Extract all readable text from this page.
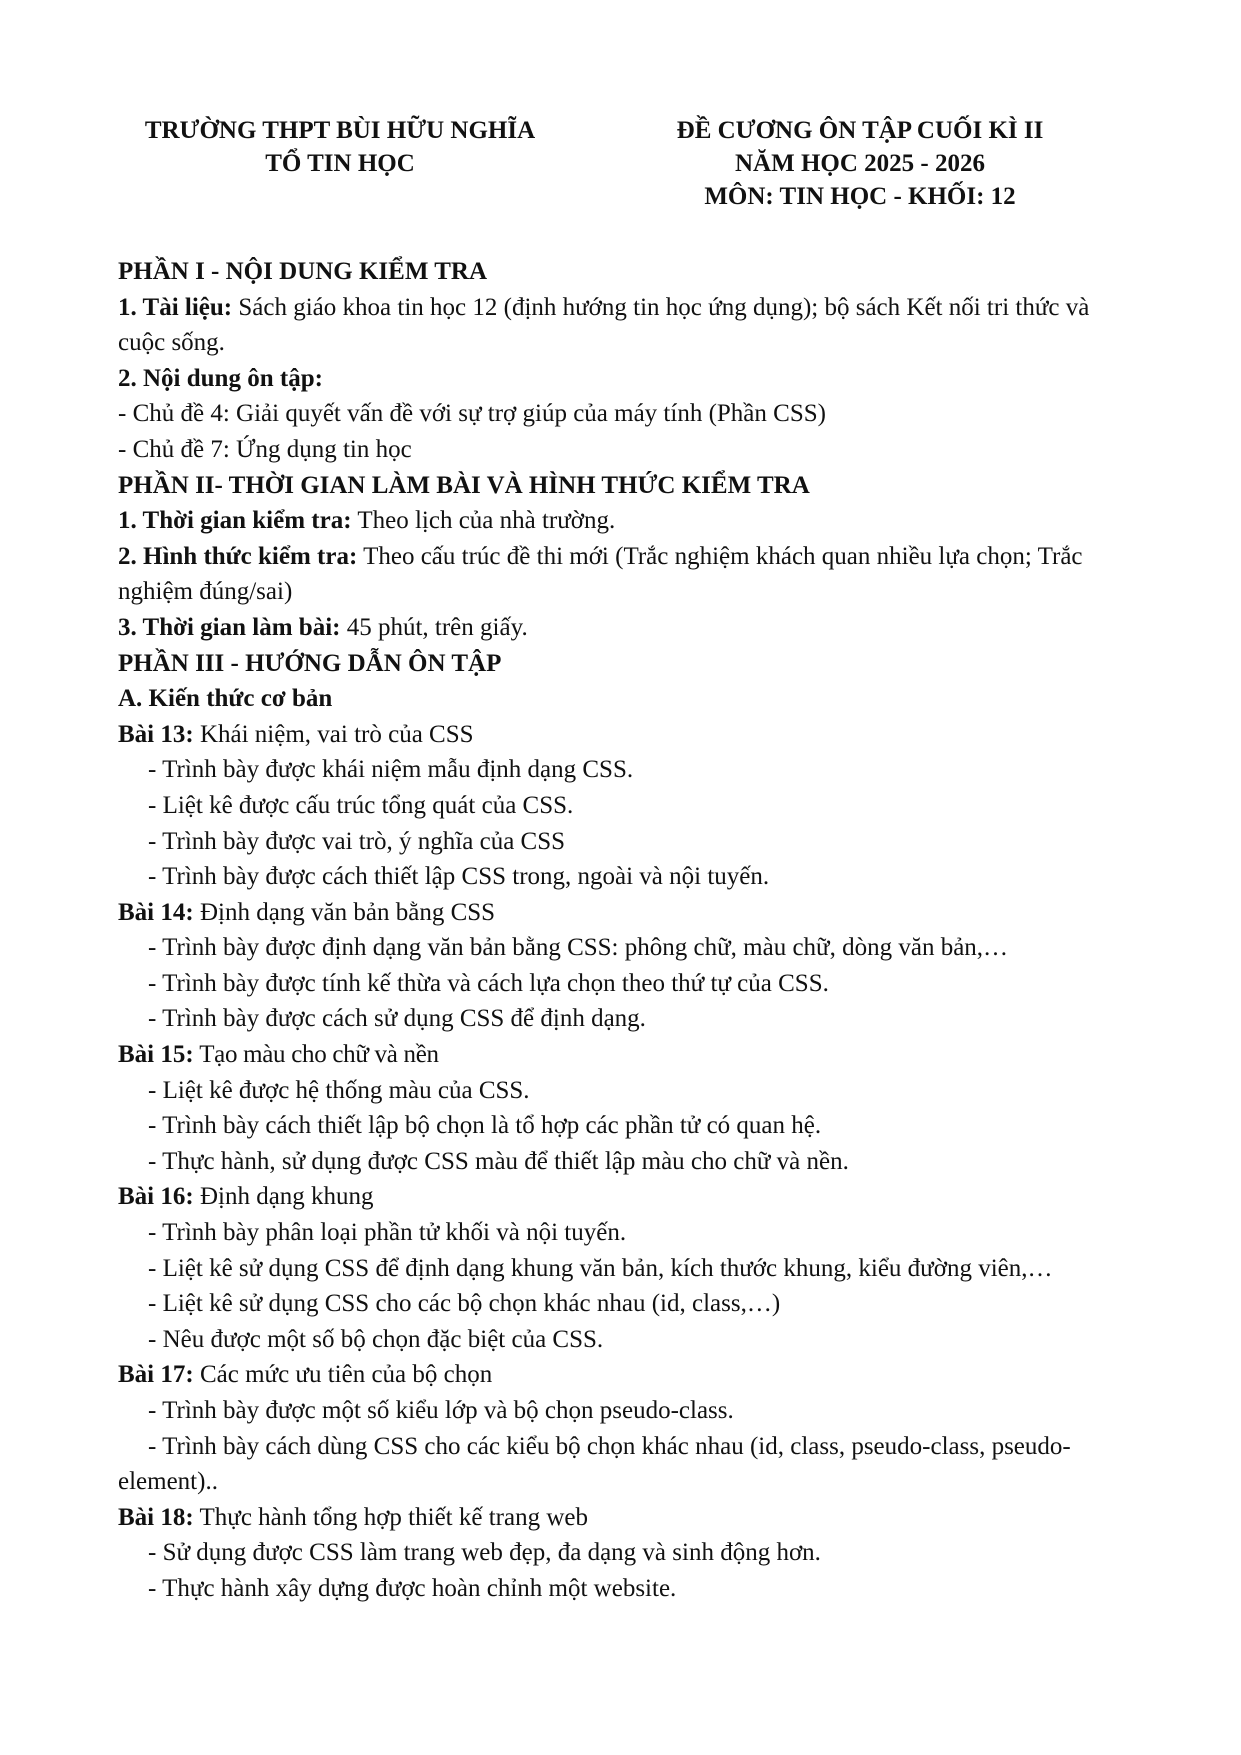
TRƯỜNG THPT BÙI HỮU NGHĨA
TỔ TIN HỌC
ĐỀ CƯƠNG ÔN TẬP CUỐI KÌ II
NĂM HỌC 2025 - 2026
MÔN: TIN HỌC - KHỐI: 12
PHẦN I - NỘI DUNG KIỂM TRA
1. Tài liệu: Sách giáo khoa tin học 12 (định hướng tin học ứng dụng); bộ sách Kết nối tri thức và cuộc sống.
2. Nội dung ôn tập:
- Chủ đề 4: Giải quyết vấn đề với sự trợ giúp của máy tính (Phần CSS)
- Chủ đề 7: Ứng dụng tin học
PHẦN II- THỜI GIAN LÀM BÀI VÀ HÌNH THỨC KIỂM TRA
1. Thời gian kiểm tra: Theo lịch của nhà trường.
2. Hình thức kiểm tra: Theo cấu trúc đề thi mới (Trắc nghiệm khách quan nhiều lựa chọn; Trắc nghiệm đúng/sai)
3. Thời gian làm bài: 45 phút, trên giấy.
PHẦN III - HƯỚNG DẪN ÔN TẬP
A. Kiến thức cơ bản
Bài 13: Khái niệm, vai trò của CSS
- Trình bày được khái niệm mẫu định dạng CSS.
- Liệt kê được cấu trúc tổng quát của CSS.
- Trình bày được vai trò, ý nghĩa của CSS
- Trình bày được cách thiết lập CSS trong, ngoài và nội tuyến.
Bài 14: Định dạng văn bản bằng CSS
- Trình bày được định dạng văn bản bằng CSS: phông chữ, màu chữ, dòng văn bản,…
- Trình bày được tính kế thừa và cách lựa chọn theo thứ tự của CSS.
- Trình bày được cách sử dụng CSS để định dạng.
Bài 15: Tạo màu cho chữ và nền
- Liệt kê được hệ thống màu của CSS.
- Trình bày cách thiết lập bộ chọn là tổ hợp các phần tử có quan hệ.
- Thực hành, sử dụng được CSS màu để thiết lập màu cho chữ và nền.
Bài 16: Định dạng khung
- Trình bày phân loại phần tử khối và nội tuyến.
- Liệt kê sử dụng CSS để định dạng khung văn bản, kích thước khung, kiểu đường viên,…
- Liệt kê sử dụng CSS cho các bộ chọn khác nhau (id, class,…)
- Nêu được một số bộ chọn đặc biệt của CSS.
Bài 17: Các mức ưu tiên của bộ chọn
- Trình bày được một số kiểu lớp và bộ chọn pseudo-class.
- Trình bày cách dùng CSS cho các kiểu bộ chọn khác nhau (id, class, pseudo-class, pseudo-element)..
Bài 18: Thực hành tổng hợp thiết kế trang web
- Sử dụng được CSS làm trang web đẹp, đa dạng và sinh động hơn.
- Thực hành xây dựng được hoàn chỉnh một website.
